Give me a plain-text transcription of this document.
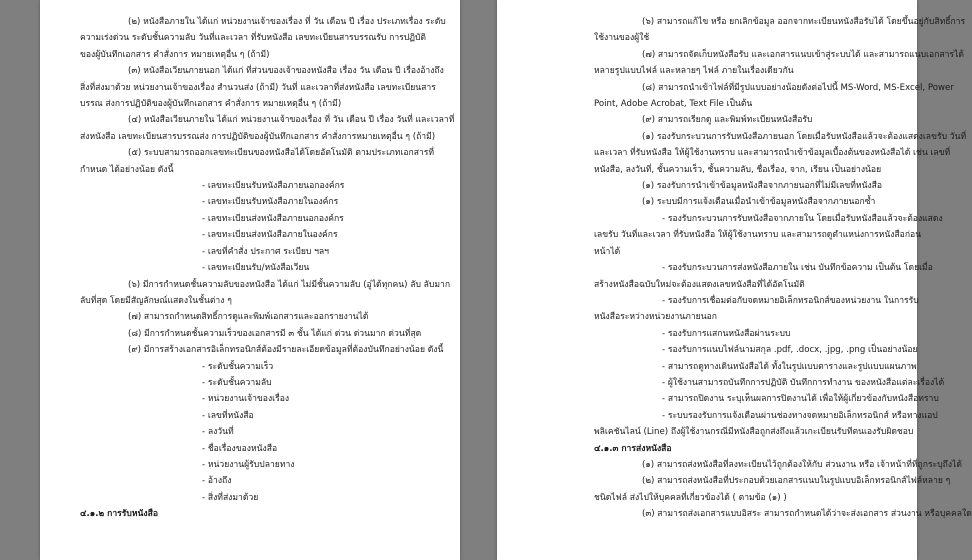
(๒) หนังสือภายใน ได้แก่ หน่วยงานเจ้าของเรื่อง ที่ วัน เดือน ปี เรื่อง ประเภทเรื่อง ระดับ

ความเร่งด่วน ระดับชั้นความลับ วันที่และเวลา ที่รับหนังสือ เลขทะเบียนสารบรรณรับ การปฏิบัติ

ของผู้บันทึกเอกสาร คำสั่งการ หมายเหตุอื่น ๆ (ถ้ามี)

(๓) หนังสือเวียนภายนอก ได้แก่ ที่ส่วนของเจ้าของหนังสือ เรื่อง วัน เดือน ปี เรื่องอ้างถึง

สิ่งที่ส่งมาด้วย หน่วยงานเจ้าของเรื่อง สำนวนส่ง (ถ้ามี) วันที่ และเวลาที่ส่งหนังสือ เลขทะเบียนสาร

บรรณ ส่งการปฏิบัติของผู้บันทึกเอกสาร คำสั่งการ หมายเหตุอื่น ๆ (ถ้ามี)

(๔) หนังสือเวียนภายใน ได้แก่ หน่วยงานเจ้าของเรื่อง ที่ วัน เดือน ปี เรื่อง วันที่ และเวลาที่

ส่งหนังสือ เลขทะเบียนสารบรรณส่ง การปฏิบัติของผู้บันทึกเอกสาร คำสั่งการหมายเหตุอื่น ๆ (ถ้ามี)

(๕) ระบบสามารถออกเลขทะเบียนของหนังสือได้โดยอัตโนมัติ ตามประเภทเอกสารที่

กำหนด ได้อย่างน้อย ดังนี้

- เลขทะเบียนรับหนังสือภายนอกองค์กร

- เลขทะเบียนรับหนังสือภายในองค์กร

- เลขทะเบียนส่งหนังสือภายนอกองค์กร

- เลขทะเบียนส่งหนังสือภายในองค์กร

- เลขที่คำสั่ง ประกาศ ระเบียบ ฯลฯ

- เลขทะเบียนรับ/หนังสือเวียน

(๖) มีการกำหนดชั้นความลับของหนังสือ ได้แก่ ไม่มีชั้นความลับ (อู่ได้ทุกคน) ลับ ลับมาก

ลับที่สุด โดยมีสัญลักษณ์แสดงในชั้นต่าง ๆ

(๗) สามารถกำหนดสิทธิ์การดูและพิมพ์เอกสารและออกรายงานได้

(๘) มีการกำหนดชั้นความเร็วของเอกสารมี ๓ ชั้น ได้แก่ ด่วน ด่วนมาก ด่วนที่สุด

(๙) มีการสร้างเอกสารอิเล็กทรอนิกส์ต้องมีรายละเอียดข้อมูลที่ต้องบันทึกอย่างน้อย ดังนี้

- ระดับชั้นความเร็ว

- ระดับชั้นความลับ

- หน่วยงานเจ้าของเรื่อง

- เลขที่หนังสือ

- ลงวันที่

- ชื่อเรื่องของหนังสือ

- หน่วยงานผู้รับปลายทาง

- อ้างถึง

- สิ่งที่ส่งมาด้วย

๔.๑.๒ การรับหนังสือ

(๖) สามารถแก้ไข หรือ ยกเลิกข้อมูล ออกจากทะเบียนหนังสือรับได้ โดยขึ้นอยู่กับสิทธิ์การ

ใช้งานของผู้ใช้

(๗) สามารถจัดเก็บหนังสือรับ และเอกสารแนบเข้าสู่ระบบได้ และสามารถแนบเอกสารได้

หลายรูปแบบไฟล์ และหลายๆ ไฟล์ ภายในเรื่องเดียวกัน

(๘) สามารถนำเข้าไฟล์ที่มีรูปแบบอย่างน้อยดังต่อไปนี้ MS-Word, MS-Excel, Power

Point, Adobe Acrobat, Text File เป็นต้น

(๙) สามารถเรียกดู และพิมพ์ทะเบียนหนังสือรับ

(๑) รองรับกระบวนการรับหนังสือภายนอก โดยเมื่อรับหนังสือแล้วจะต้องแสดงเลขรับ วันที่

และเวลา ที่รับหนังสือ ให้ผู้ใช้งานทราบ และสามารถนำเข้าข้อมูลเบื้องต้นของหนังสือได้ เช่น เลขที่

หนังสือ, ลงวันที่, ชั้นความเร็ว, ชั้นความลับ, ชื่อเรื่อง, จาก, เรียน เป็นอย่างน้อย

(๑) รองรับการนำเข้าข้อมูลหนังสือจากภายนอกที่ไม่มีเลขที่หนังสือ

(๑) ระบบมีการแจ้งเตือนเมื่อนำเข้าข้อมูลหนังสือจากภายนอกซ้ำ

- รองรับกระบวนการรับหนังสือจากภายใน โดยเมื่อรับหนังสือแล้วจะต้องแสดง

เลขรับ วันที่และเวลา ที่รับหนังสือ ให้ผู้ใช้งานทราบ และสามารถดูตำแหน่งการหนังสือก่อน

หน้าได้

- รองรับกระบวนการส่งหนังสือภายใน เช่น บันทึกข้อความ เป็นต้น โดยเมื่อ

สร้างหนังสือฉบับใหม่จะต้องแสดงเลขหนังสือที่ได้อัตโนมัติ

- รองรับการเชื่อมต่อกับจดหมายอิเล็กทรอนิกส์ของหน่วยงาน ในการรับ

หนังสือระหว่างหน่วยงานภายนอก

- รองรับการแสกนหนังสือผ่านระบบ

- รองรับการแนบไฟล์นามสกุล .pdf, .docx, .jpg, .png เป็นอย่างน้อย

- สามารถดูทางเดินหนังสือได้ ทั้งในรูปแบบตารางและรูปแบบแผนภาพ

- ผู้ใช้งานสามารถบันทึกการปฏิบัติ บันทึกการทำงาน ของหนังสือแต่ละเรื่องได้

- สามารถปิดงาน ระบุเห็นผลการปิดงานได้ เพื่อให้ผู้เกี่ยวข้องกับหนังสือทราบ

- ระบบรองรับการแจ้งเตือนผ่านช่องทางจดหมายอิเล็กทรอนิกส์ หรือทางแอป

พลิเคชันไลน์ (Line) ถึงผู้ใช้งานกรณีมีหนังสือถูกส่งถึงแล้วเกะเบียนรับทีตนเองรับผิดชอบ

๔.๑.๓ การส่งหนังสือ

(๑) สามารถส่งหนังสือที่ลงทะเบียนไว้ถูกต้องให้กับ ส่วนงาน หรือ เจ้าหน้าที่ที่ถูกระบุถึงได้

(๒) สามารถส่งหนังสือที่ประกอบด้วยเอกสารแนบในรูปแบบอิเล็กทรอนิกส์ไฟล์หลาย ๆ

ชนิดไฟล์ ส่งไปให้บุคคลที่เกี่ยวข้องได้ ( ตามข้อ (๑) )

(๓) สามารถส่งเอกสารแบบอิสระ สามารถกำหนดได้ว่าจะส่งเอกสาร ส่วนงาน หรือบุคคลใด
